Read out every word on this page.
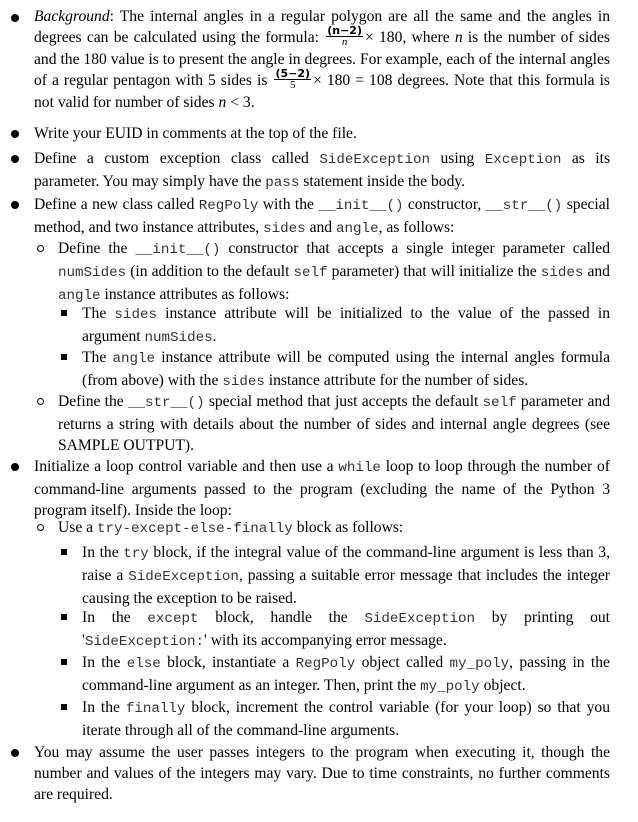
Background: The internal angles in a regular polygon are all the same and the angles in degrees can be calculated using the formula: $\frac{(n-2)}{n} \times 180$, where n is the number of sides and the 180 value is to present the angle in degrees. For example, each of the internal angles of a regular pentagon with 5 sides is $\frac{(5-2)}{5} \times 180 = 108$ degrees. Note that this formula is not valid for number of sides n < 3.
Write your EUID in comments at the top of the file.
Define a custom exception class called SideException using Exception as its parameter. You may simply have the pass statement inside the body.
Define a new class called RegPoly with the __init__() constructor, __str__() special method, and two instance attributes, sides and angle, as follows:
Define the __init__() constructor that accepts a single integer parameter called numSides (in addition to the default self parameter) that will initialize the sides and angle instance attributes as follows:
The sides instance attribute will be initialized to the value of the passed in argument numSides.
The angle instance attribute will be computed using the internal angles formula (from above) with the sides instance attribute for the number of sides.
Define the __str__() special method that just accepts the default self parameter and returns a string with details about the number of sides and internal angle degrees (see SAMPLE OUTPUT).
Initialize a loop control variable and then use a while loop to loop through the number of command-line arguments passed to the program (excluding the name of the Python 3 program itself). Inside the loop:
Use a try-except-else-finally block as follows:
In the try block, if the integral value of the command-line argument is less than 3, raise a SideException, passing a suitable error message that includes the integer causing the exception to be raised.
In the except block, handle the SideException by printing out 'SideException:' with its accompanying error message.
In the else block, instantiate a RegPoly object called my_poly, passing in the command-line argument as an integer. Then, print the my_poly object.
In the finally block, increment the control variable (for your loop) so that you iterate through all of the command-line arguments.
You may assume the user passes integers to the program when executing it, though the number and values of the integers may vary. Due to time constraints, no further comments are required.
